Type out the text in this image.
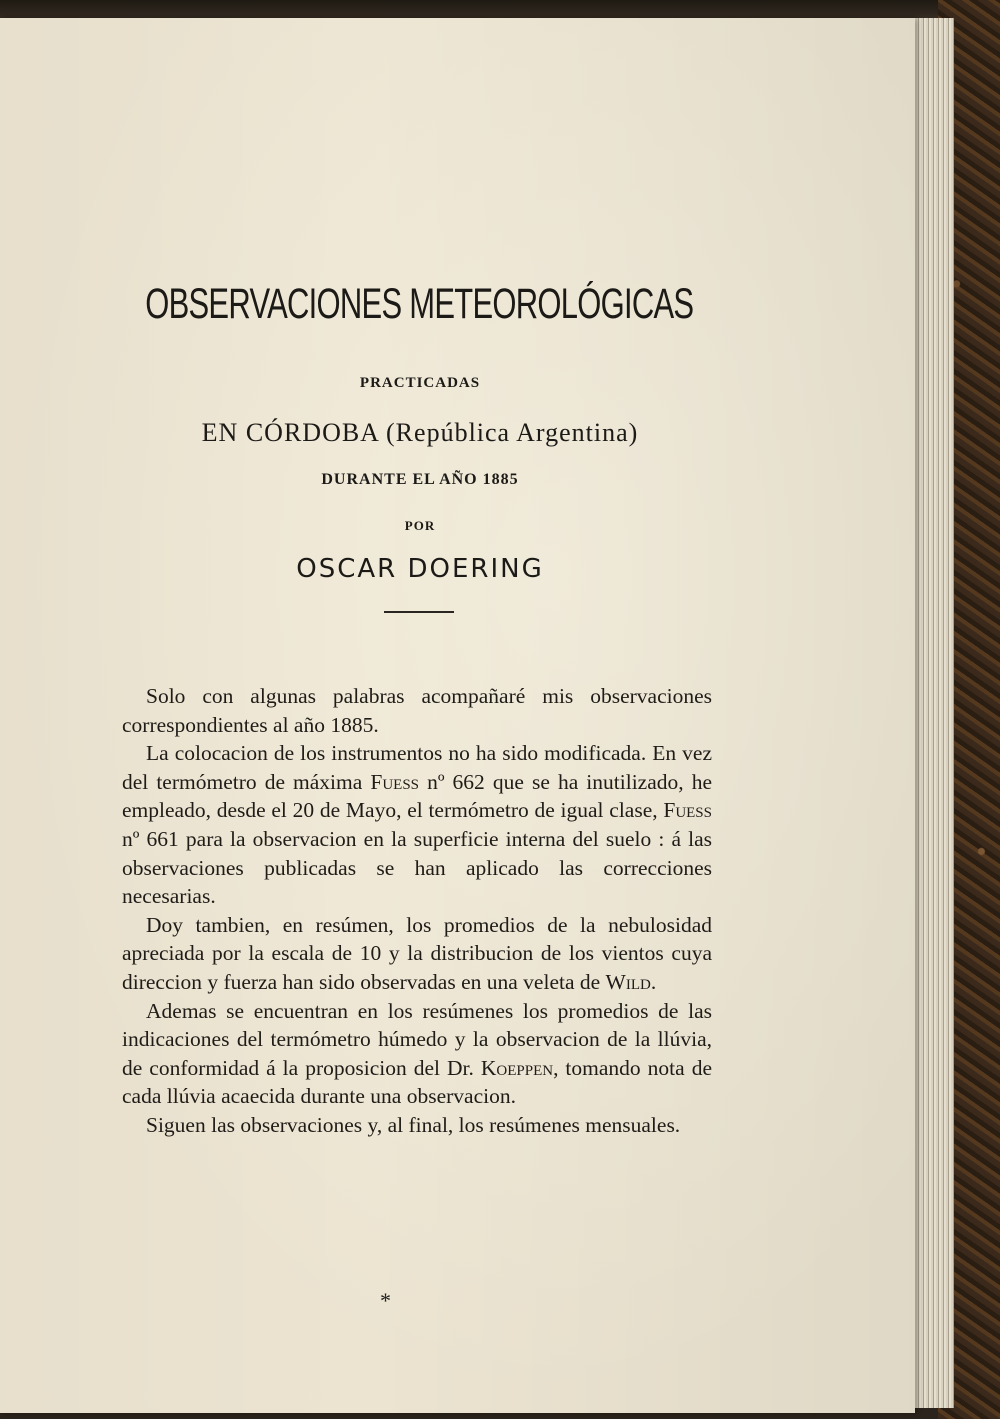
OBSERVACIONES METEOROLÓGICAS

PRACTICADAS

EN CÓRDOBA (República Argentina)

DURANTE EL AÑO 1885

POR

OSCAR DOERING

Solo con algunas palabras acompañaré mis observaciones correspondientes al año 1885.

La colocacion de los instrumentos no ha sido modificada. En vez del termómetro de máxima Fuess nº 662 que se ha inutilizado, he empleado, desde el 20 de Mayo, el termómetro de igual clase, Fuess nº 661 para la observacion en la superficie interna del suelo : á las observaciones publicadas se han aplicado las correcciones necesarias.

Doy tambien, en resúmen, los promedios de la nebulosidad apreciada por la escala de 10 y la distribucion de los vientos cuya direccion y fuerza han sido observadas en una veleta de Wild.

Ademas se encuentran en los resúmenes los promedios de las indicaciones del termómetro húmedo y la observacion de la llúvia, de conformidad á la proposicion del Dr. Koeppen, tomando nota de cada llúvia acaecida durante una observacion.

Siguen las observaciones y, al final, los resúmenes mensuales.

*
